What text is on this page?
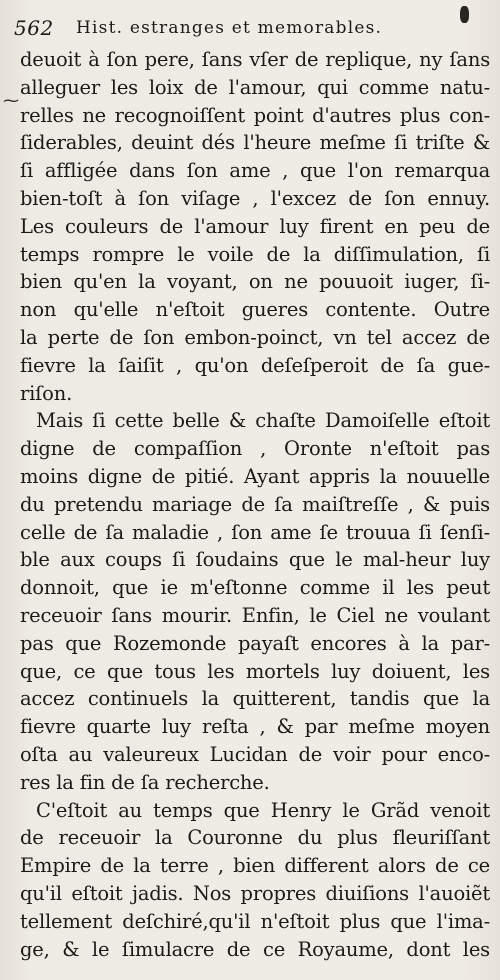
562 Hist. estranges et memorables.
⁓
deuoit à ſon pere, ſans vſer de replique, ny ſans
alleguer les loix de l'amour, qui comme natu-
relles ne recognoiſſent point d'autres plus con-
ſiderables, deuint dés l'heure meſme ſi triſte &
ſi affligée dans ſon ame , que l'on remarqua
bien-toſt à ſon viſage , l'excez de ſon ennuy.
Les couleurs de l'amour luy firent en peu de
temps rompre le voile de la diſſimulation, ſi
bien qu'en la voyant, on ne pouuoit iuger, ſi-
non qu'elle n'eſtoit gueres contente. Outre
la perte de ſon embon-poinct, vn tel accez de
fievre la ſaiſit , qu'on deſeſperoit de ſa gue-
riſon.
Mais ſi cette belle & chaſte Damoiſelle eſtoit
digne de compaſſion , Oronte n'eſtoit pas
moins digne de pitié. Ayant appris la nouuelle
du pretendu mariage de ſa maiſtreſſe , & puis
celle de ſa maladie , ſon ame ſe trouua ſi ſenſi-
ble aux coups ſi ſoudains que le mal-heur luy
donnoit, que ie m'eſtonne comme il les peut
receuoir ſans mourir. Enfin, le Ciel ne voulant
pas que Rozemonde payaſt encores à la par-
que, ce que tous les mortels luy doiuent, les
accez continuels la quitterent, tandis que la
fievre quarte luy reſta , & par meſme moyen
oſta au valeureux Lucidan de voir pour enco-
res la fin de ſa recherche.
C'eſtoit au temps que Henry le Grãd venoit
de receuoir la Couronne du plus fleuriſſant
Empire de la terre , bien different alors de ce
qu'il eſtoit jadis. Nos propres diuiſions l'auoiẽt
tellement deſchiré,qu'il n'eſtoit plus que l'ima-
ge, & le ſimulacre de ce Royaume, dont les
